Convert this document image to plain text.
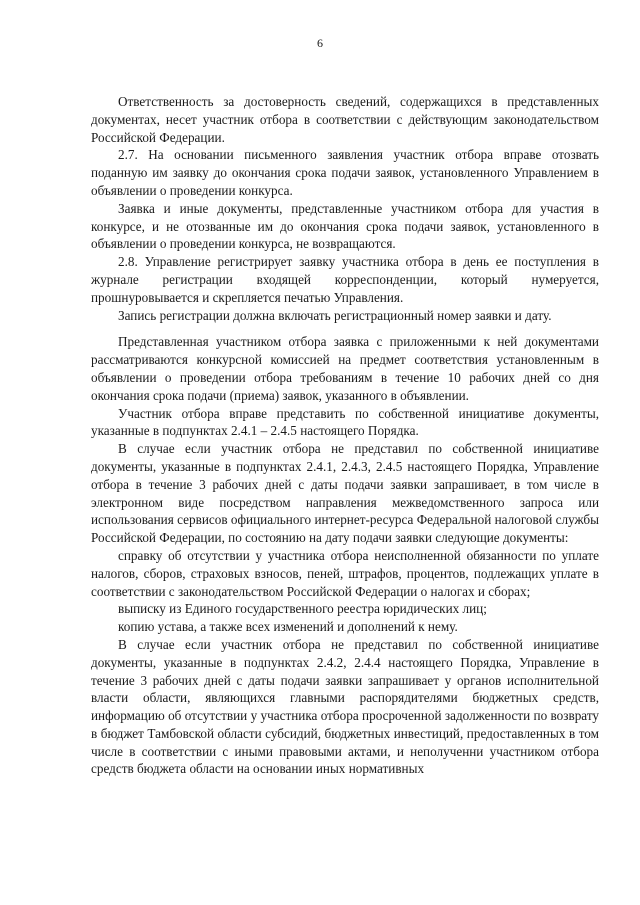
6

Ответственность за достоверность сведений, содержащихся в представленных документах, несет участник отбора в соответствии с действующим законодательством Российской Федерации.

2.7. На основании письменного заявления участник отбора вправе отозвать поданную им заявку до окончания срока подачи заявок, установленного Управлением в объявлении о проведении конкурса.

Заявка и иные документы, представленные участником отбора для участия в конкурсе, и не отозванные им до окончания срока подачи заявок, установленного в объявлении о проведении конкурса, не возвращаются.

2.8. Управление регистрирует заявку участника отбора в день ее поступления в журнале регистрации входящей корреспонденции, который нумеруется, прошнуровывается и скрепляется печатью Управления.

Запись регистрации должна включать регистрационный номер заявки и дату.

Представленная участником отбора заявка с приложенными к ней документами рассматриваются конкурсной комиссией на предмет соответствия установленным в объявлении о проведении отбора требованиям в течение 10 рабочих дней со дня окончания срока подачи (приема) заявок, указанного в объявлении.

Участник отбора вправе представить по собственной инициативе документы, указанные в подпунктах 2.4.1 – 2.4.5 настоящего Порядка.

В случае если участник отбора не представил по собственной инициативе документы, указанные в подпунктах 2.4.1, 2.4.3, 2.4.5 настоящего Порядка, Управление отбора в течение 3 рабочих дней с даты подачи заявки запрашивает, в том числе в электронном виде посредством направления межведомственного запроса или использования сервисов официального интернет-ресурса Федеральной налоговой службы Российской Федерации, по состоянию на дату подачи заявки следующие документы:

справку об отсутствии у участника отбора неисполненной обязанности по уплате налогов, сборов, страховых взносов, пеней, штрафов, процентов, подлежащих уплате в соответствии с законодательством Российской Федерации о налогах и сборах;

выписку из Единого государственного реестра юридических лиц;

копию устава, а также всех изменений и дополнений к нему.

В случае если участник отбора не представил по собственной инициативе документы, указанные в подпунктах 2.4.2, 2.4.4 настоящего Порядка, Управление в течение 3 рабочих дней с даты подачи заявки запрашивает у органов исполнительной власти области, являющихся главными распорядителями бюджетных средств, информацию об отсутствии у участника отбора просроченной задолженности по возврату в бюджет Тамбовской области субсидий, бюджетных инвестиций, предоставленных в том числе в соответствии с иными правовыми актами, и неполученни участником отбора средств бюджета области на основании иных нормативных
